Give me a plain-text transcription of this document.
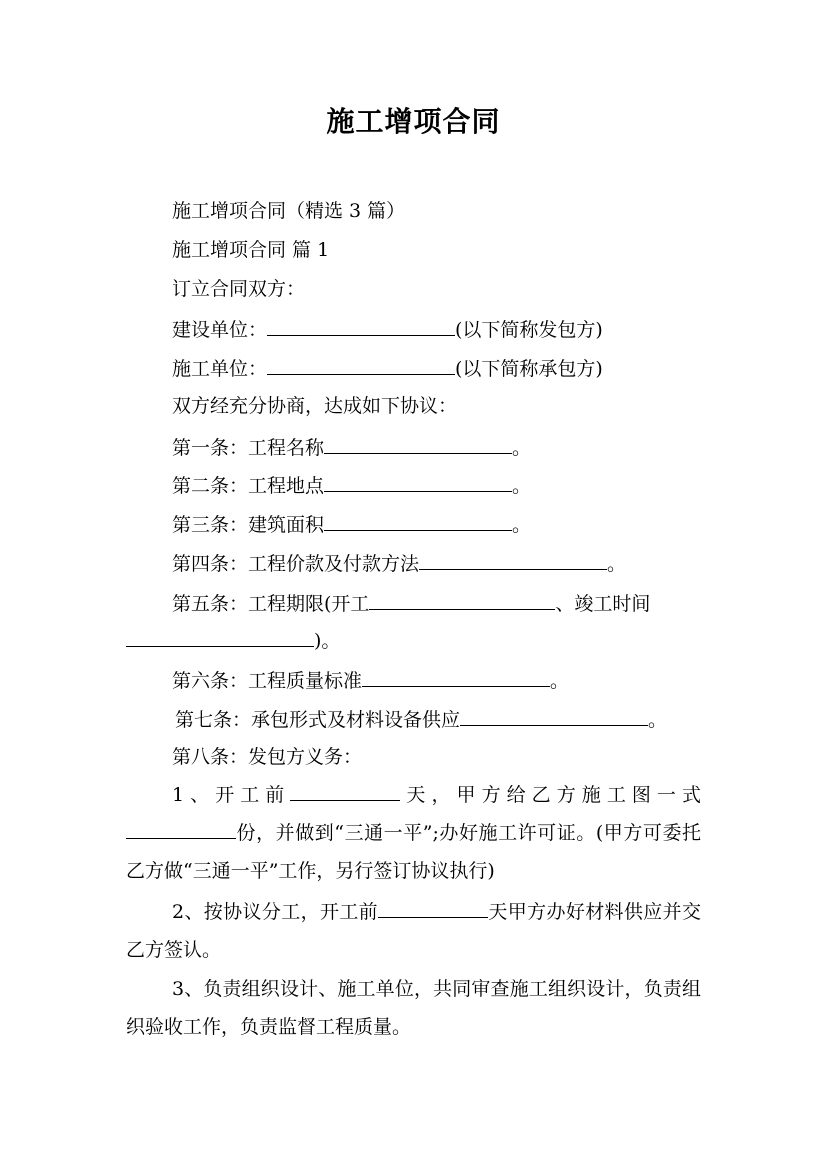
施工增项合同
施工增项合同（精选 3 篇）
施工增项合同 篇 1
订立合同双方：
建设单位：	(以下简称发包方)
施工单位：	(以下简称承包方)
双方经充分协商，达成如下协议：
第一条：工程名称	。
第二条：工程地点	。
第三条：建筑面积	。
第四条：工程价款及付款方法	。
第五条：工程期限(开工	、竣工时间
)。
第六条：工程质量标准	。
第七条：承包形式及材料设备供应	。
第八条：发包方义务：
1、开工前	天，甲方给乙方施工图一式份，并做到“三通一平”;办好施工许可证。(甲方可委托乙方做“三通一平”工作，另行签订协议执行)
2、按协议分工，开工前	天甲方办好材料供应并交乙方签认。
3、负责组织设计、施工单位，共同审查施工组织设计，负责组织验收工作，负责监督工程质量。
